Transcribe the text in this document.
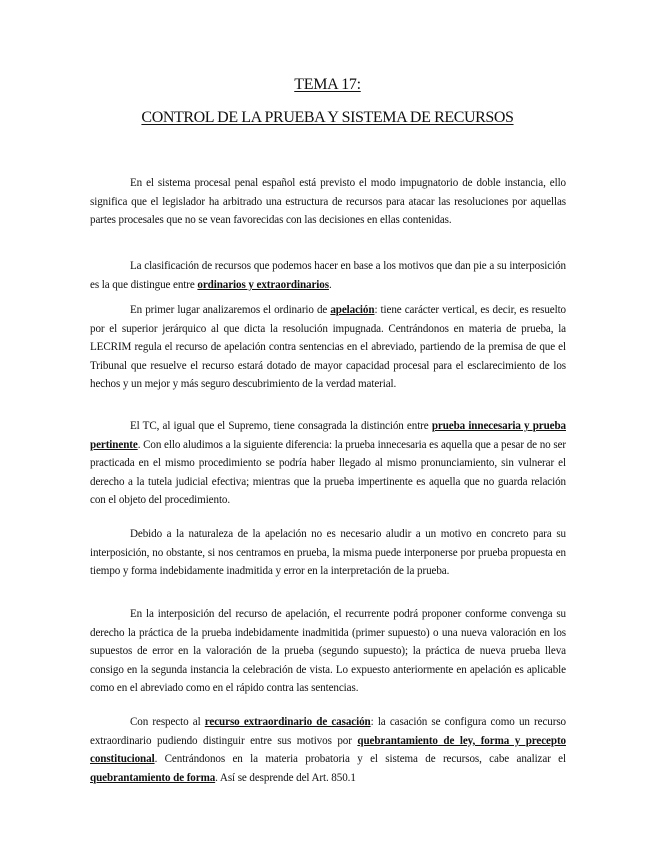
TEMA 17:
CONTROL DE LA PRUEBA Y SISTEMA DE RECURSOS

En el sistema procesal penal español está previsto el modo impugnatorio de doble instancia, ello significa que el legislador ha arbitrado una estructura de recursos para atacar las resoluciones por aquellas partes procesales que no se vean favorecidas con las decisiones en ellas contenidas.

La clasificación de recursos que podemos hacer en base a los motivos que dan pie a su interposición es la que distingue entre ordinarios y extraordinarios.

En primer lugar analizaremos el ordinario de apelación: tiene carácter vertical, es decir, es resuelto por el superior jerárquico al que dicta la resolución impugnada. Centrándonos en materia de prueba, la LECRIM regula el recurso de apelación contra sentencias en el abreviado, partiendo de la premisa de que el Tribunal que resuelve el recurso estará dotado de mayor capacidad procesal para el esclarecimiento de los hechos y un mejor y más seguro descubrimiento de la verdad material.

El TC, al igual que el Supremo, tiene consagrada la distinción entre prueba innecesaria y prueba pertinente. Con ello aludimos a la siguiente diferencia: la prueba innecesaria es aquella que a pesar de no ser practicada en el mismo procedimiento se podría haber llegado al mismo pronunciamiento, sin vulnerar el derecho a la tutela judicial efectiva; mientras que la prueba impertinente es aquella que no guarda relación con el objeto del procedimiento.

Debido a la naturaleza de la apelación no es necesario aludir a un motivo en concreto para su interposición, no obstante, si nos centramos en prueba, la misma puede interponerse por prueba propuesta en tiempo y forma indebidamente inadmitida y error en la interpretación de la prueba.

En la interposición del recurso de apelación, el recurrente podrá proponer conforme convenga su derecho la práctica de la prueba indebidamente inadmitida (primer supuesto) o una nueva valoración en los supuestos de error en la valoración de la prueba (segundo supuesto); la práctica de nueva prueba lleva consigo en la segunda instancia la celebración de vista. Lo expuesto anteriormente en apelación es aplicable como en el abreviado como en el rápido contra las sentencias.

Con respecto al recurso extraordinario de casación: la casación se configura como un recurso extraordinario pudiendo distinguir entre sus motivos por quebrantamiento de ley, forma y precepto constitucional. Centrándonos en la materia probatoria y el sistema de recursos, cabe analizar el quebrantamiento de forma. Así se desprende del Art. 850.1
